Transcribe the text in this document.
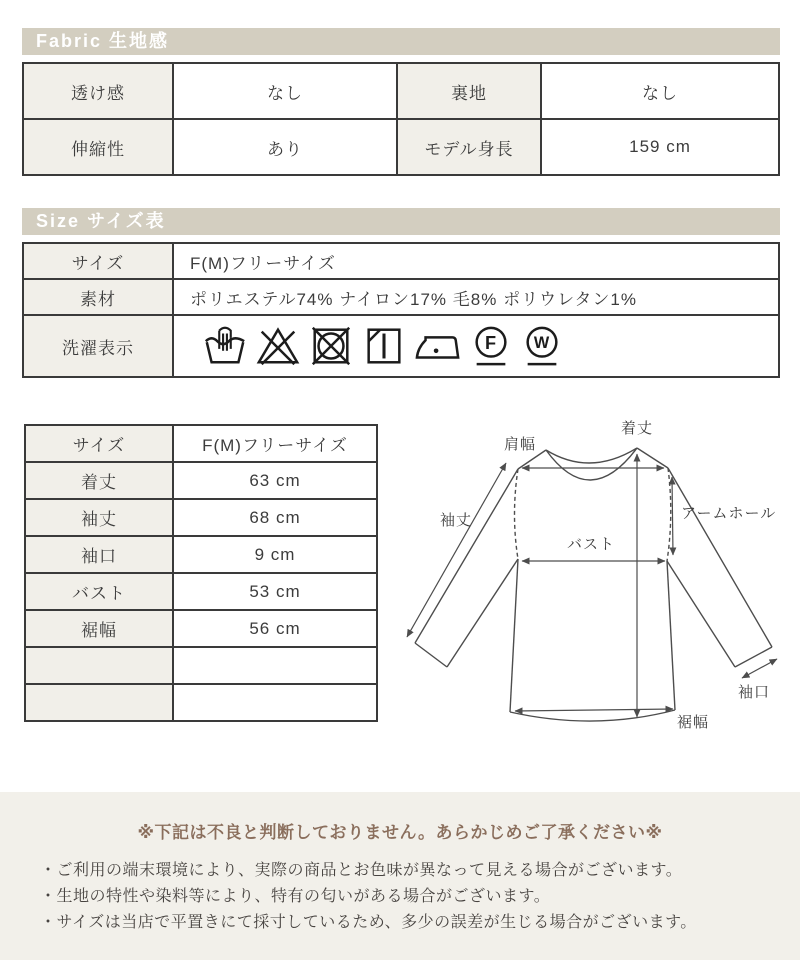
Fabric 生地感
透け感	なし	裏地	なし
伸縮性	あり	モデル身長	159 cm
Size サイズ表
サイズ	F(M)フリーサイズ
素材	ポリエステル74% ナイロン17% 毛8% ポリウレタン1%
洗濯表示	F W
サイズ	F(M)フリーサイズ
着丈	63 cm
袖丈	68 cm
袖口	9 cm
バスト	53 cm
裾幅	56 cm

肩幅
着丈
袖丈
バスト
アームホール
袖口
裾幅
※下記は不良と判断しておりません。あらかじめご了承ください※
・ご利用の端末環境により、実際の商品とお色味が異なって見える場合がございます。
・生地の特性や染料等により、特有の匂いがある場合がございます。
・サイズは当店で平置きにて採寸しているため、多少の誤差が生じる場合がございます。
